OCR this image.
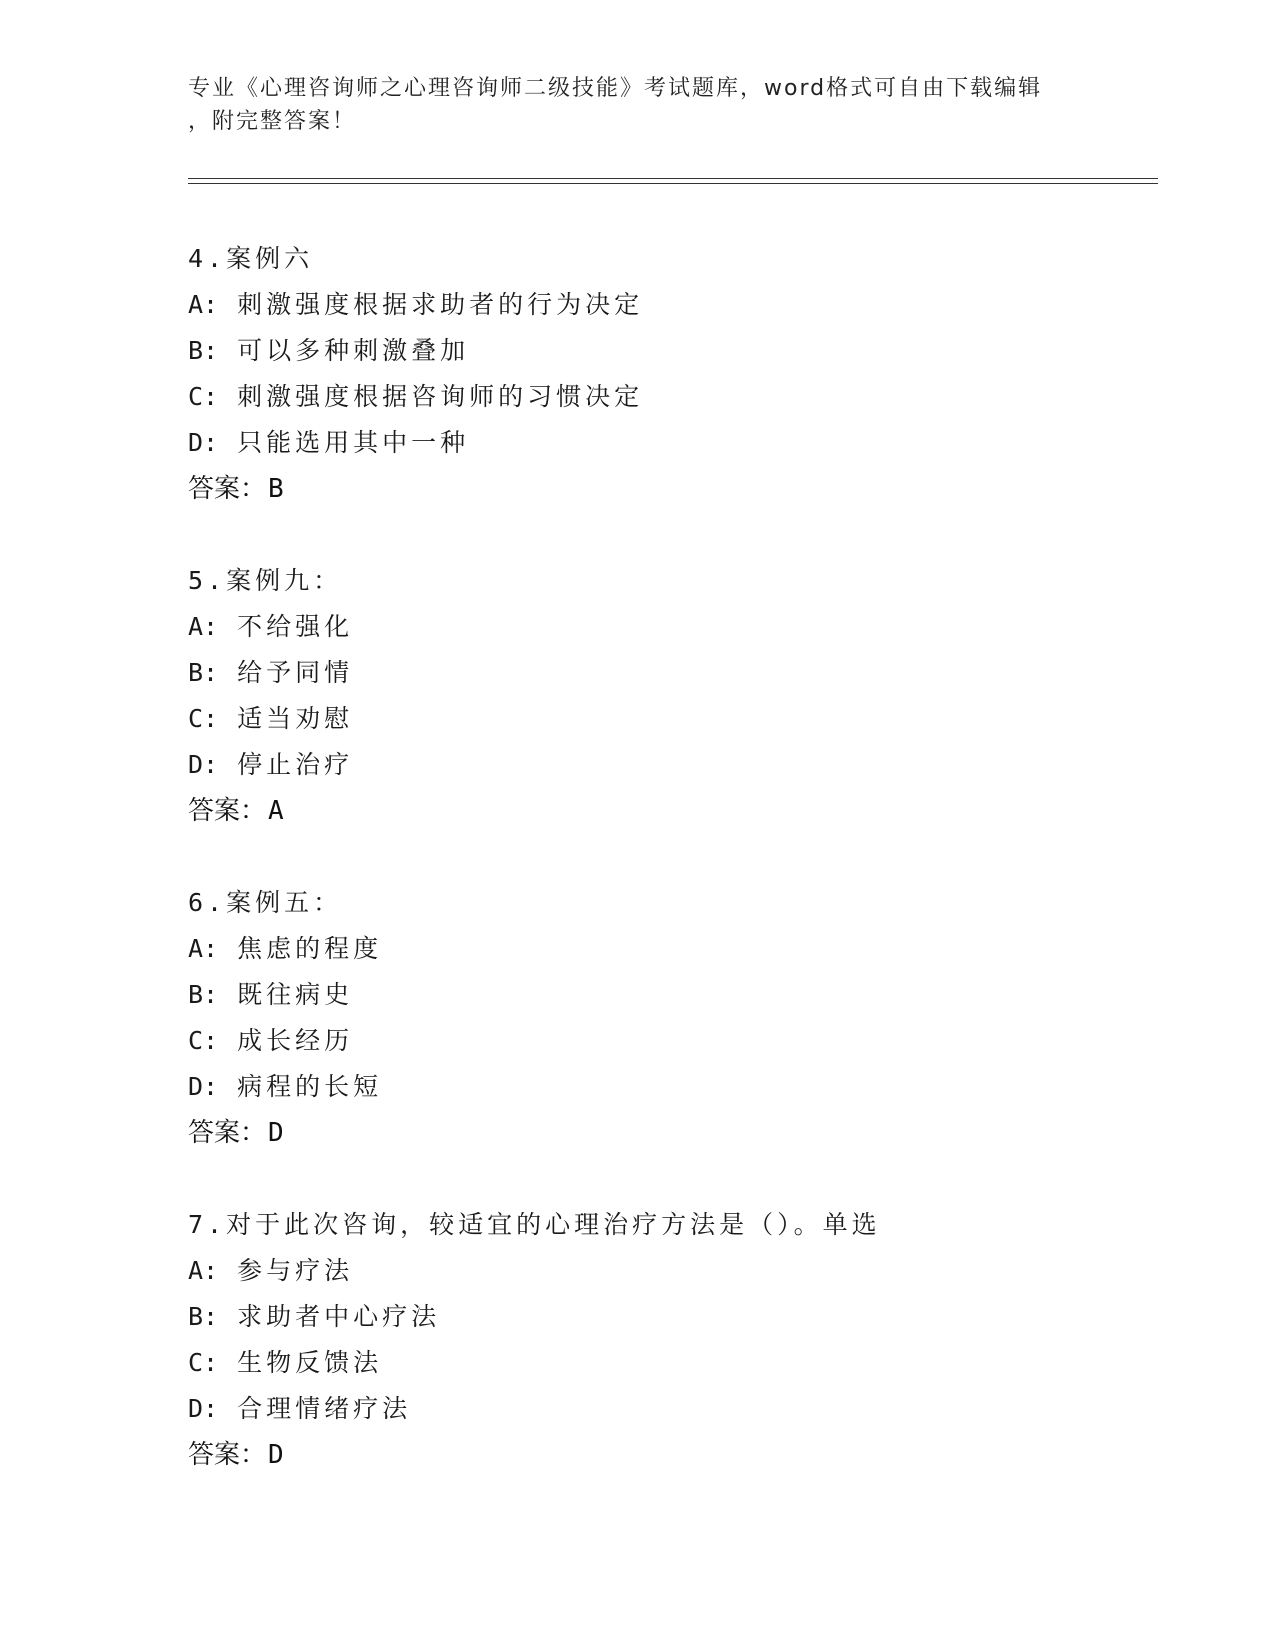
专业《心理咨询师之心理咨询师二级技能》考试题库，word格式可自由下载编辑
，附完整答案！
4.案例六
A: 刺激强度根据求助者的行为决定
B: 可以多种刺激叠加
C: 刺激强度根据咨询师的习惯决定
D: 只能选用其中一种
答案：B
5.案例九：
A: 不给强化
B: 给予同情
C: 适当劝慰
D: 停止治疗
答案：A
6.案例五：
A: 焦虑的程度
B: 既往病史
C: 成长经历
D: 病程的长短
答案：D
7.对于此次咨询，较适宜的心理治疗方法是（）。单选
A: 参与疗法
B: 求助者中心疗法
C: 生物反馈法
D: 合理情绪疗法
答案：D
